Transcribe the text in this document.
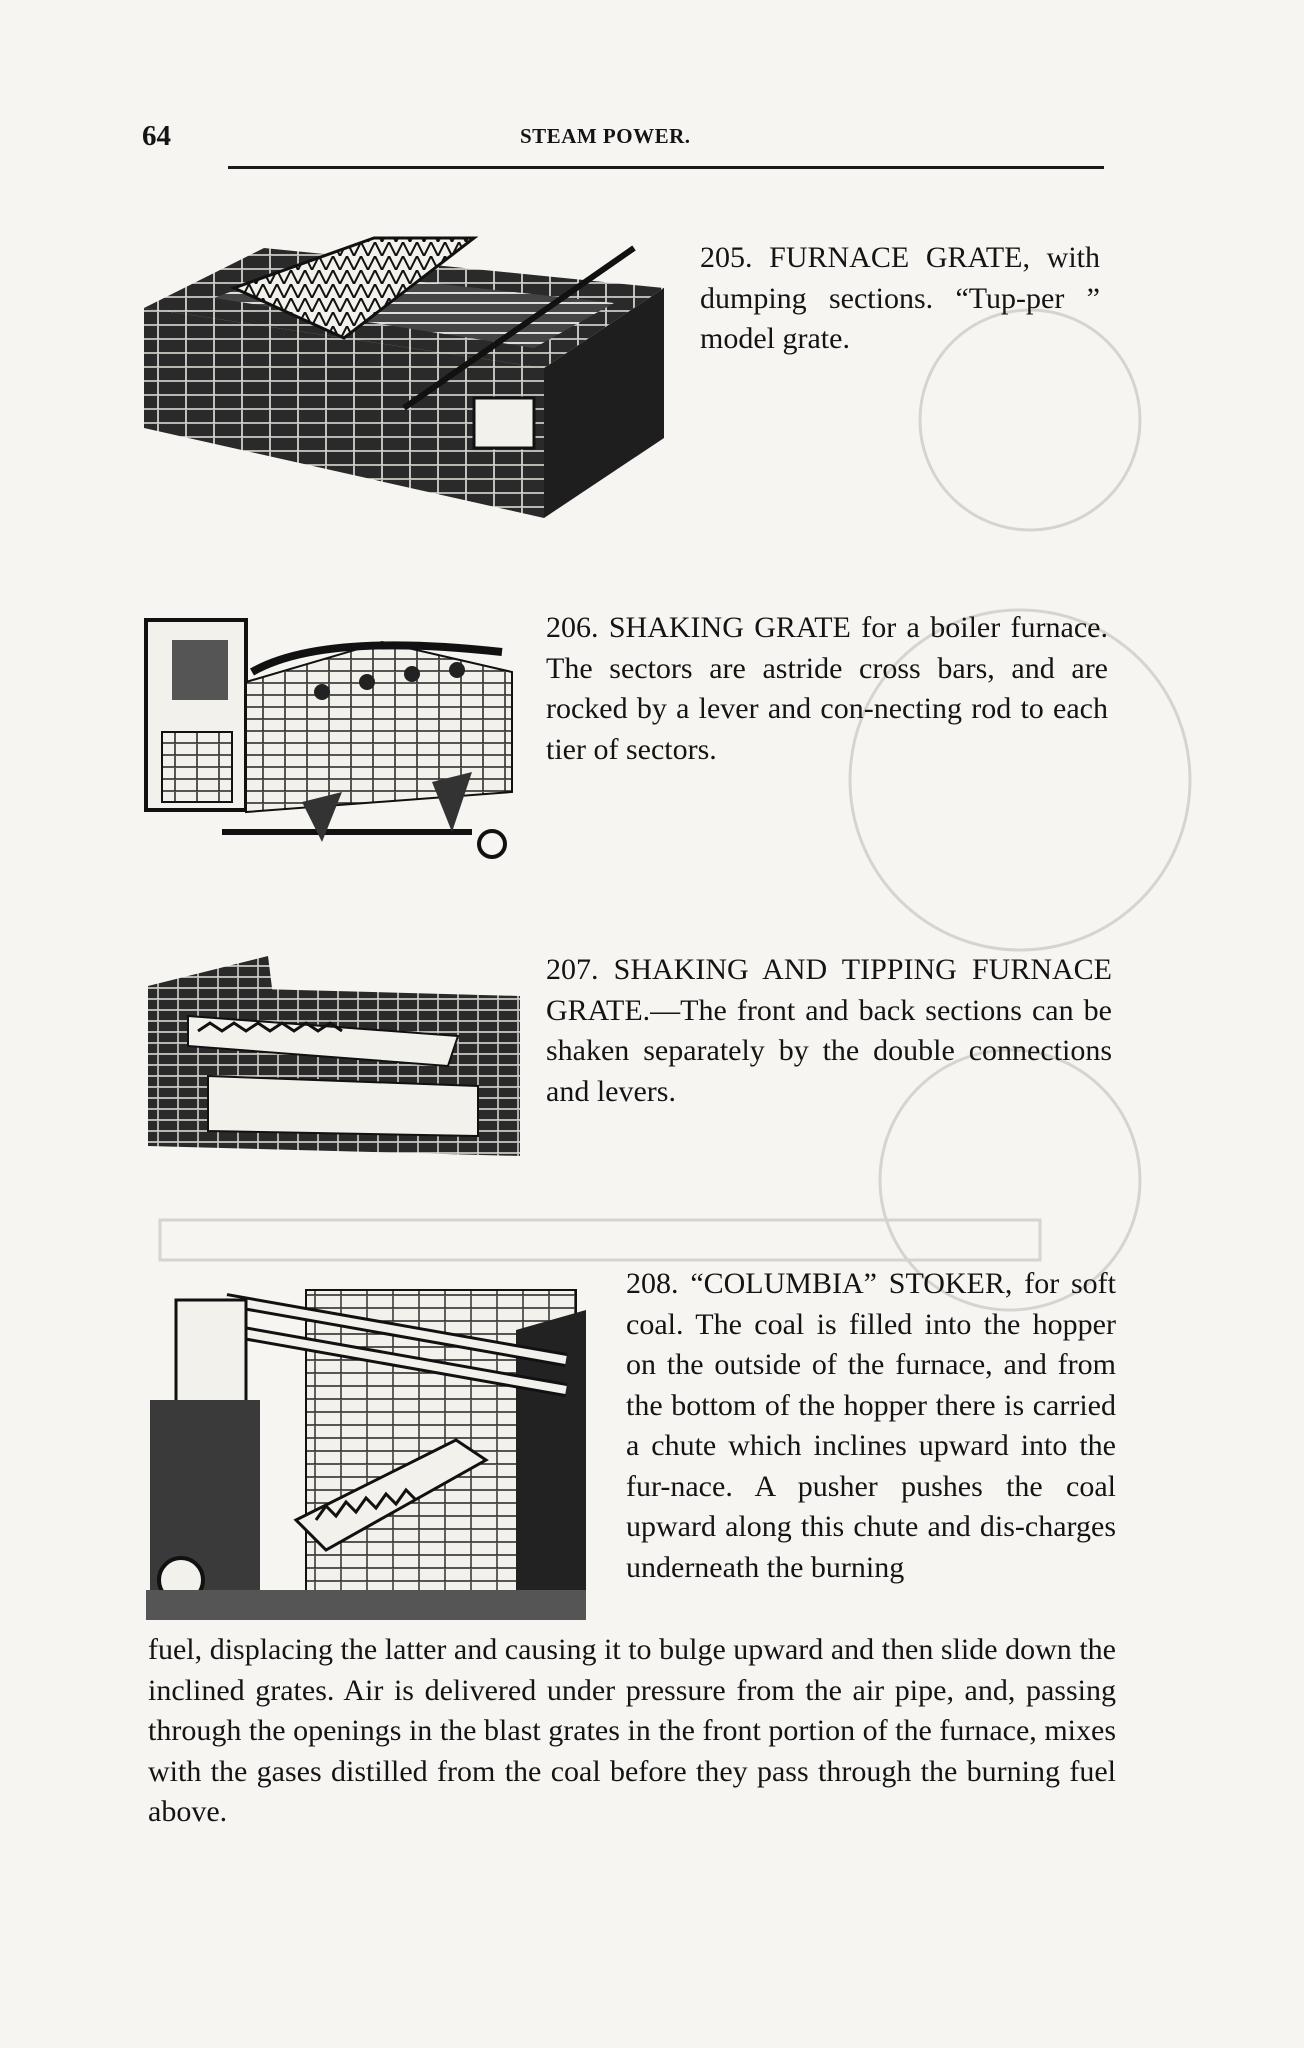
64	STEAM POWER.

205. FURNACE GRATE, with dumping sections. “Tup-per ” model grate.

206. SHAKING GRATE for a boiler furnace. The sectors are astride cross bars, and are rocked by a lever and con-necting rod to each tier of sectors.

207. SHAKING AND TIPPING FURNACE GRATE.—The front and back sections can be shaken separately by the double connections and levers.

208. “COLUMBIA” STOKER, for soft coal. The coal is filled into the hopper on the outside of the furnace, and from the bottom of the hopper there is carried a chute which inclines upward into the fur-nace. A pusher pushes the coal upward along this chute and dis-charges underneath the burning

fuel, displacing the latter and causing it to bulge upward and then slide down the inclined grates. Air is delivered under pressure from the air pipe, and, passing through the openings in the blast grates in the front portion of the furnace, mixes with the gases distilled from the coal before they pass through the burning fuel above.
